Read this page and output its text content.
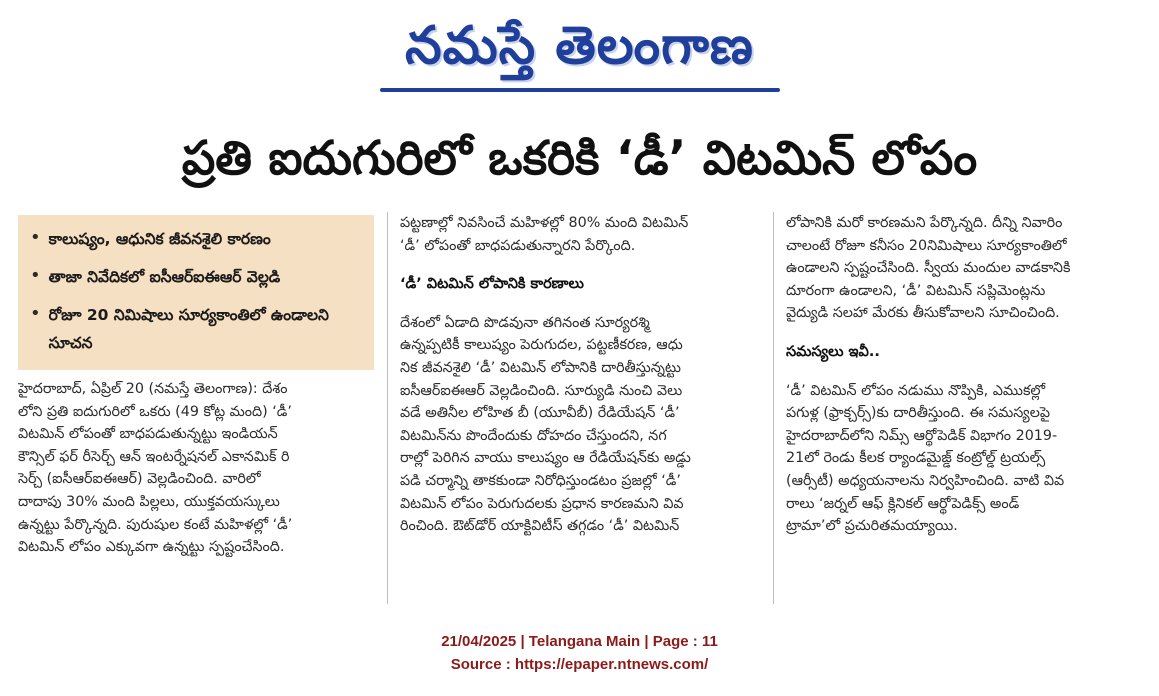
నమస్తే తెలంగాణ
ప్రతి ఐదుగురిలో ఒకరికి ‘డీ’ విటమిన్ లోపం
• కాలుష్యం, ఆధునిక జీవనశైలి కారణం
• తాజా నివేదికలో ఐసీఆర్ఐఈఆర్ వెల్లడి
• రోజూ 20 నిమిషాలు సూర్యకాంతిలో ఉండాలని సూచన
హైదరాబాద్, ఏప్రిల్ 20 (నమస్తే తెలంగాణ): దేశం
లోని ప్రతి ఐదుగురిలో ఒకరు (49 కోట్ల మంది) ‘డీ’
విటమిన్ లోపంతో బాధపడుతున్నట్టు ఇండియన్
కౌన్సిల్ ఫర్ రీసెర్చ్ ఆన్ ఇంటర్నేషనల్ ఎకానమిక్ రి
సెర్చ్ (ఐసీఆర్ఐఈఆర్) వెల్లడించింది. వారిలో
దాదాపు 30% మంది పిల్లలు, యుక్తవయస్కులు
ఉన్నట్టు పేర్కొన్నది. పురుషుల కంటే మహిళల్లో ‘డీ’
విటమిన్ లోపం ఎక్కువగా ఉన్నట్టు స్పష్టంచేసింది.
పట్టణాల్లో నివసించే మహిళల్లో 80% మంది విటమిన్
‘డీ’ లోపంతో బాధపడుతున్నారని పేర్కొంది.
‘డీ’ విటమిన్ లోపానికి కారణాలు
దేశంలో ఏడాది పొడవునా తగినంత సూర్యరశ్మి
ఉన్నప్పటికీ కాలుష్యం పెరుగుదల, పట్టణీకరణ, ఆధు
నిక జీవనశైలి ‘డీ’ విటమిన్ లోపానికి దారితీస్తున్నట్టు
ఐసీఆర్ఐఈఆర్ వెల్లడించింది. సూర్యుడి నుంచి వెలు
వడే అతినీల లోహిత బీ (యూవీబీ) రేడియేషన్ ‘డీ’
విటమిన్‌ను పొందేందుకు దోహదం చేస్తుందని, నగ
రాల్లో పెరిగిన వాయు కాలుష్యం ఆ రేడియేషన్‌కు అడ్డు
పడి చర్మాన్ని తాకకుండా నిరోధిస్తుండటం ప్రజల్లో ‘డీ’
విటమిన్ లోపం పెరుగుదలకు ప్రధాన కారణమని వివ
రించింది. ఔట్‌డోర్ యాక్టివిటీస్ తగ్గడం ‘డీ’ విటమిన్
లోపానికి మరో కారణమని పేర్కొన్నది. దీన్ని నివారిం
చాలంటే రోజూ కనీసం 20నిమిషాలు సూర్యకాంతిలో
ఉండాలని స్పష్టంచేసింది. స్వీయ మందుల వాడకానికి
దూరంగా ఉండాలని, ‘డీ’ విటమిన్ సప్లిమెంట్లను
వైద్యుడి సలహా మేరకు తీసుకోవాలని సూచించింది.
సమస్యలు ఇవీ..
‘డీ’ విటమిన్ లోపం నడుము నొప్పికి, ఎముకల్లో
పగుళ్ల (ఫ్రాక్చర్స్)కు దారితీస్తుంది. ఈ సమస్యలపై
హైదరాబాద్‌లోని నిమ్స్ ఆర్థోపెడిక్ విభాగం 2019-
21లో రెండు కీలక ర్యాండమైజ్డ్ కంట్రోల్డ్ ట్రయల్స్
(ఆర్సీటీ) అధ్యయనాలను నిర్వహించింది. వాటి వివ
రాలు ‘జర్నల్ ఆఫ్ క్లినికల్ ఆర్థోపెడిక్స్ అండ్
ట్రామా’లో ప్రచురితమయ్యాయి.
21/04/2025 | Telangana Main | Page : 11
Source : https://epaper.ntnews.com/
